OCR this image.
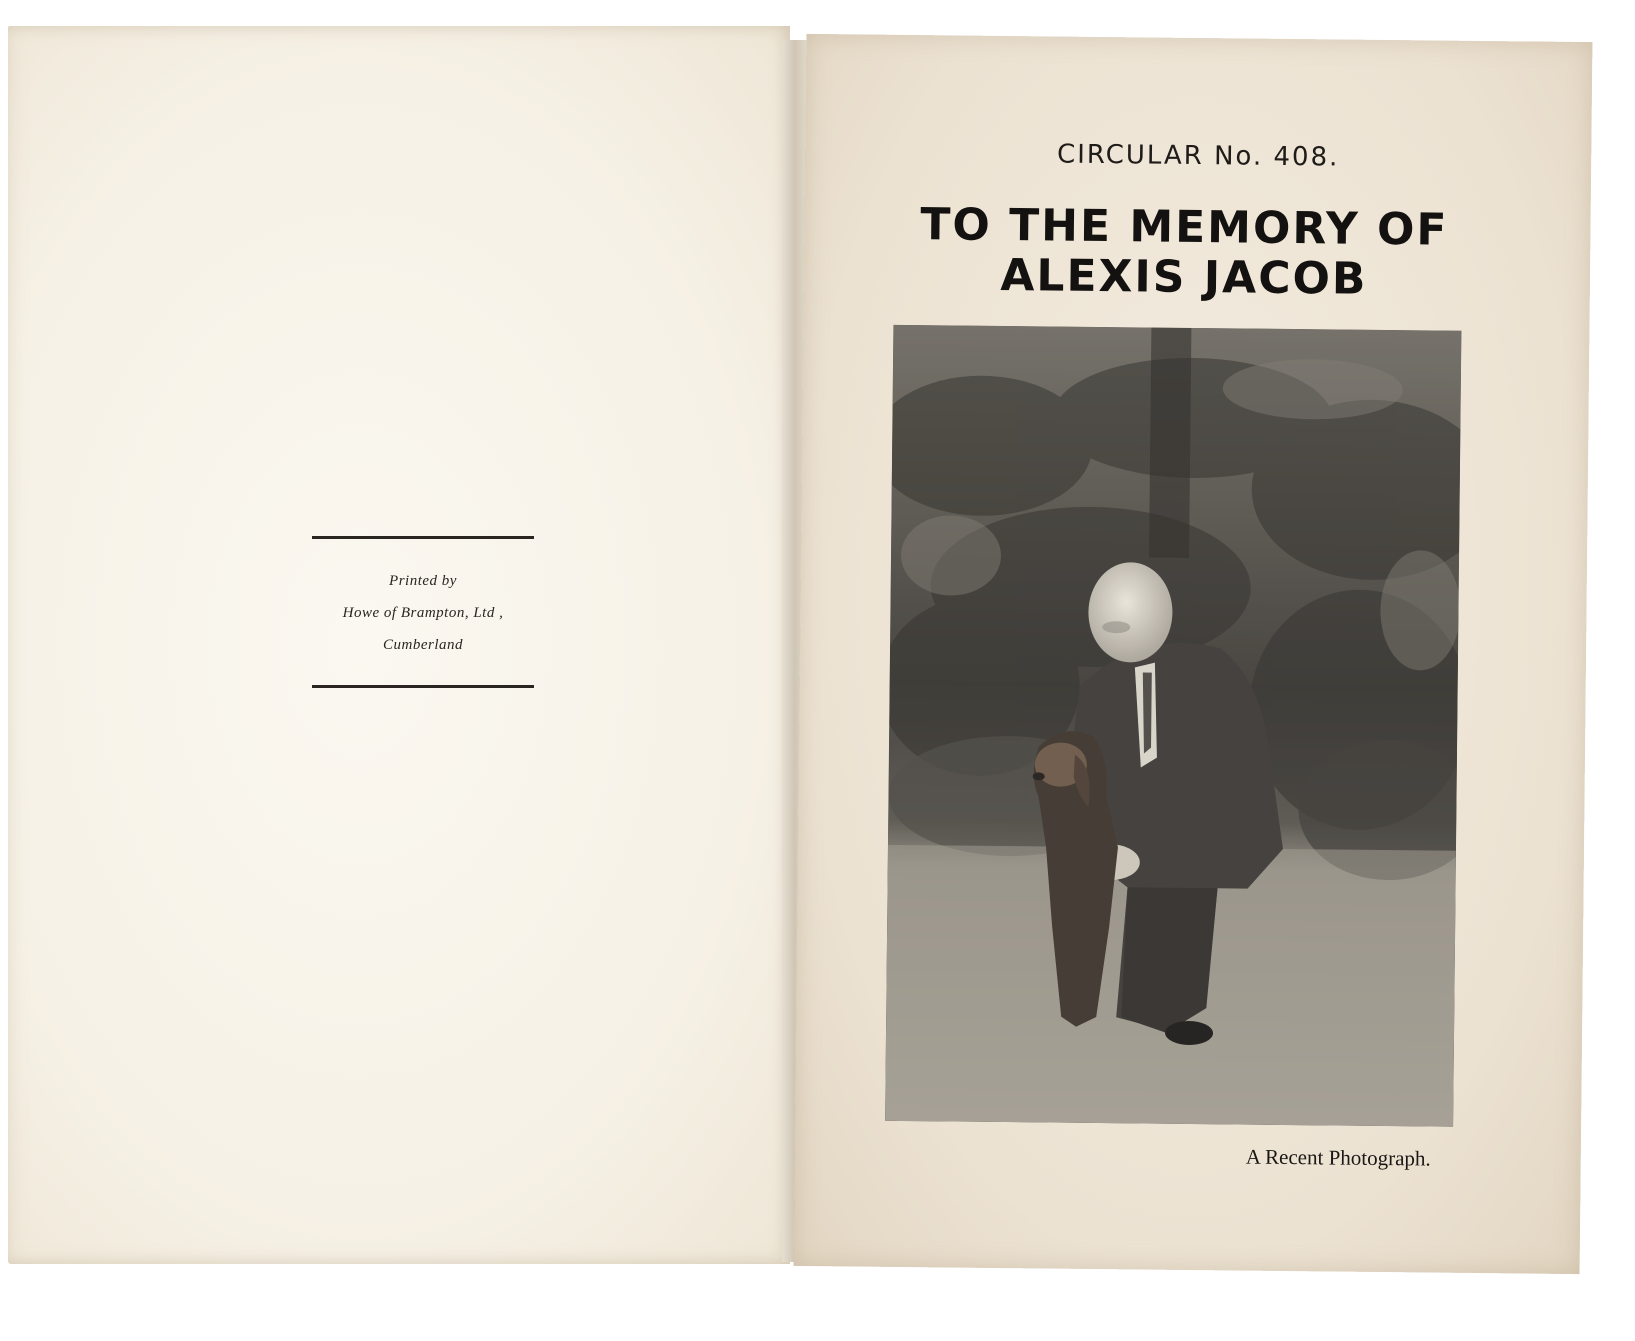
Printed by
Howe of Brampton, Ltd ,
Cumberland
CIRCULAR No. 408.
TO THE MEMORY OF
ALEXIS JACOB
A Recent Photograph.
